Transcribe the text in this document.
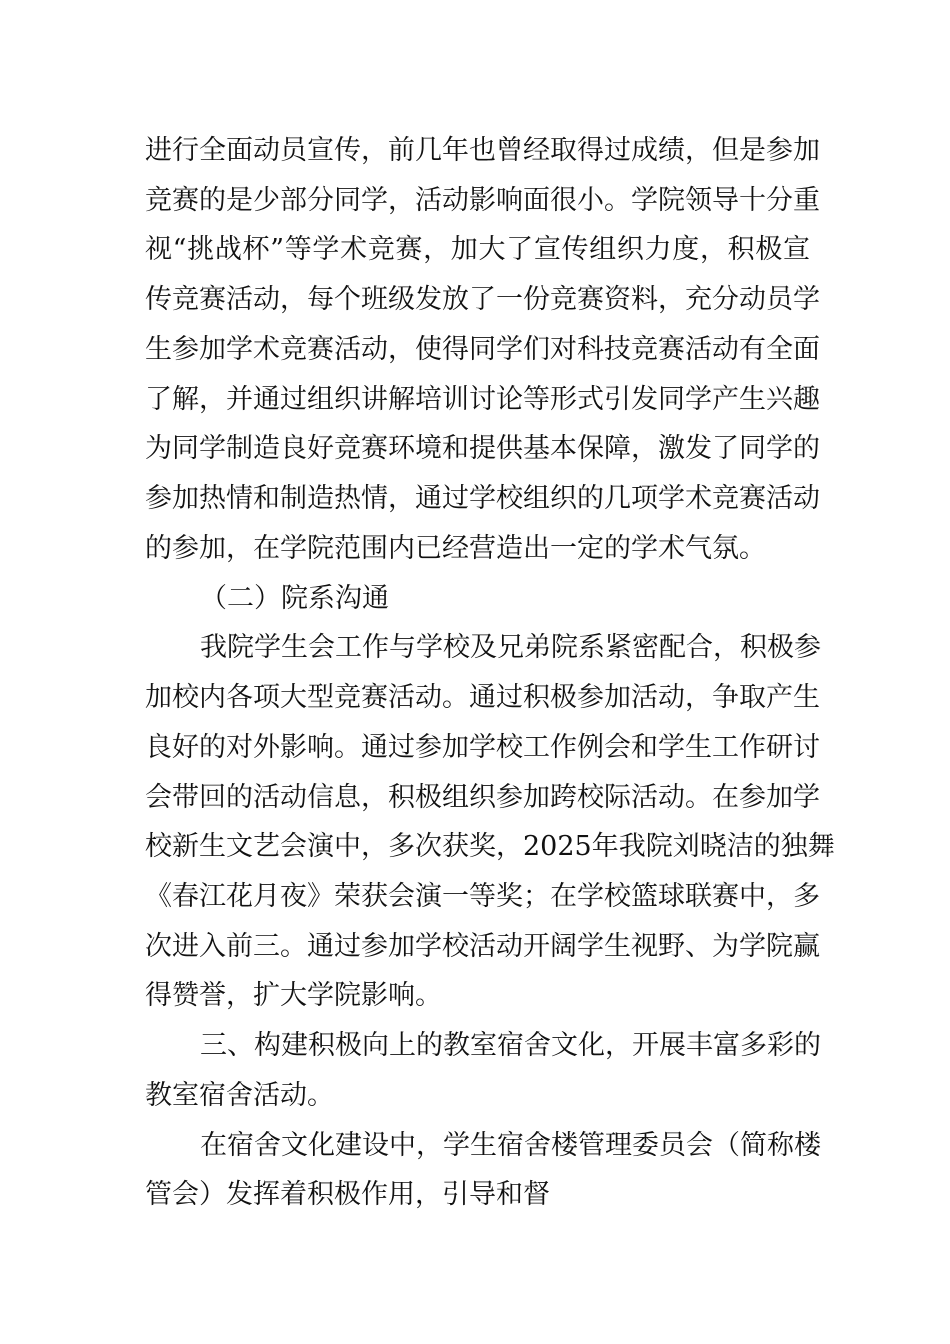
进行全面动员宣传，前几年也曾经取得过成绩，但是参加
竞赛的是少部分同学，活动影响面很小。学院领导十分重
视“挑战杯”等学术竞赛，加大了宣传组织力度，积极宣
传竞赛活动，每个班级发放了一份竞赛资料，充分动员学
生参加学术竞赛活动，使得同学们对科技竞赛活动有全面
了解，并通过组织讲解培训讨论等形式引发同学产生兴趣
为同学制造良好竞赛环境和提供基本保障，激发了同学的
参加热情和制造热情，通过学校组织的几项学术竞赛活动
的参加，在学院范围内已经营造出一定的学术气氛。
（二）院系沟通
我院学生会工作与学校及兄弟院系紧密配合，积极参
加校内各项大型竞赛活动。通过积极参加活动，争取产生
良好的对外影响。通过参加学校工作例会和学生工作研讨
会带回的活动信息，积极组织参加跨校际活动。在参加学
校新生文艺会演中，多次获奖，2025年我院刘晓洁的独舞
《春江花月夜》荣获会演一等奖；在学校篮球联赛中，多
次进入前三。通过参加学校活动开阔学生视野、为学院赢
得赞誉，扩大学院影响。
三、构建积极向上的教室宿舍文化，开展丰富多彩的
教室宿舍活动。
在宿舍文化建设中，学生宿舍楼管理委员会（简称楼
管会）发挥着积极作用，引导和督
